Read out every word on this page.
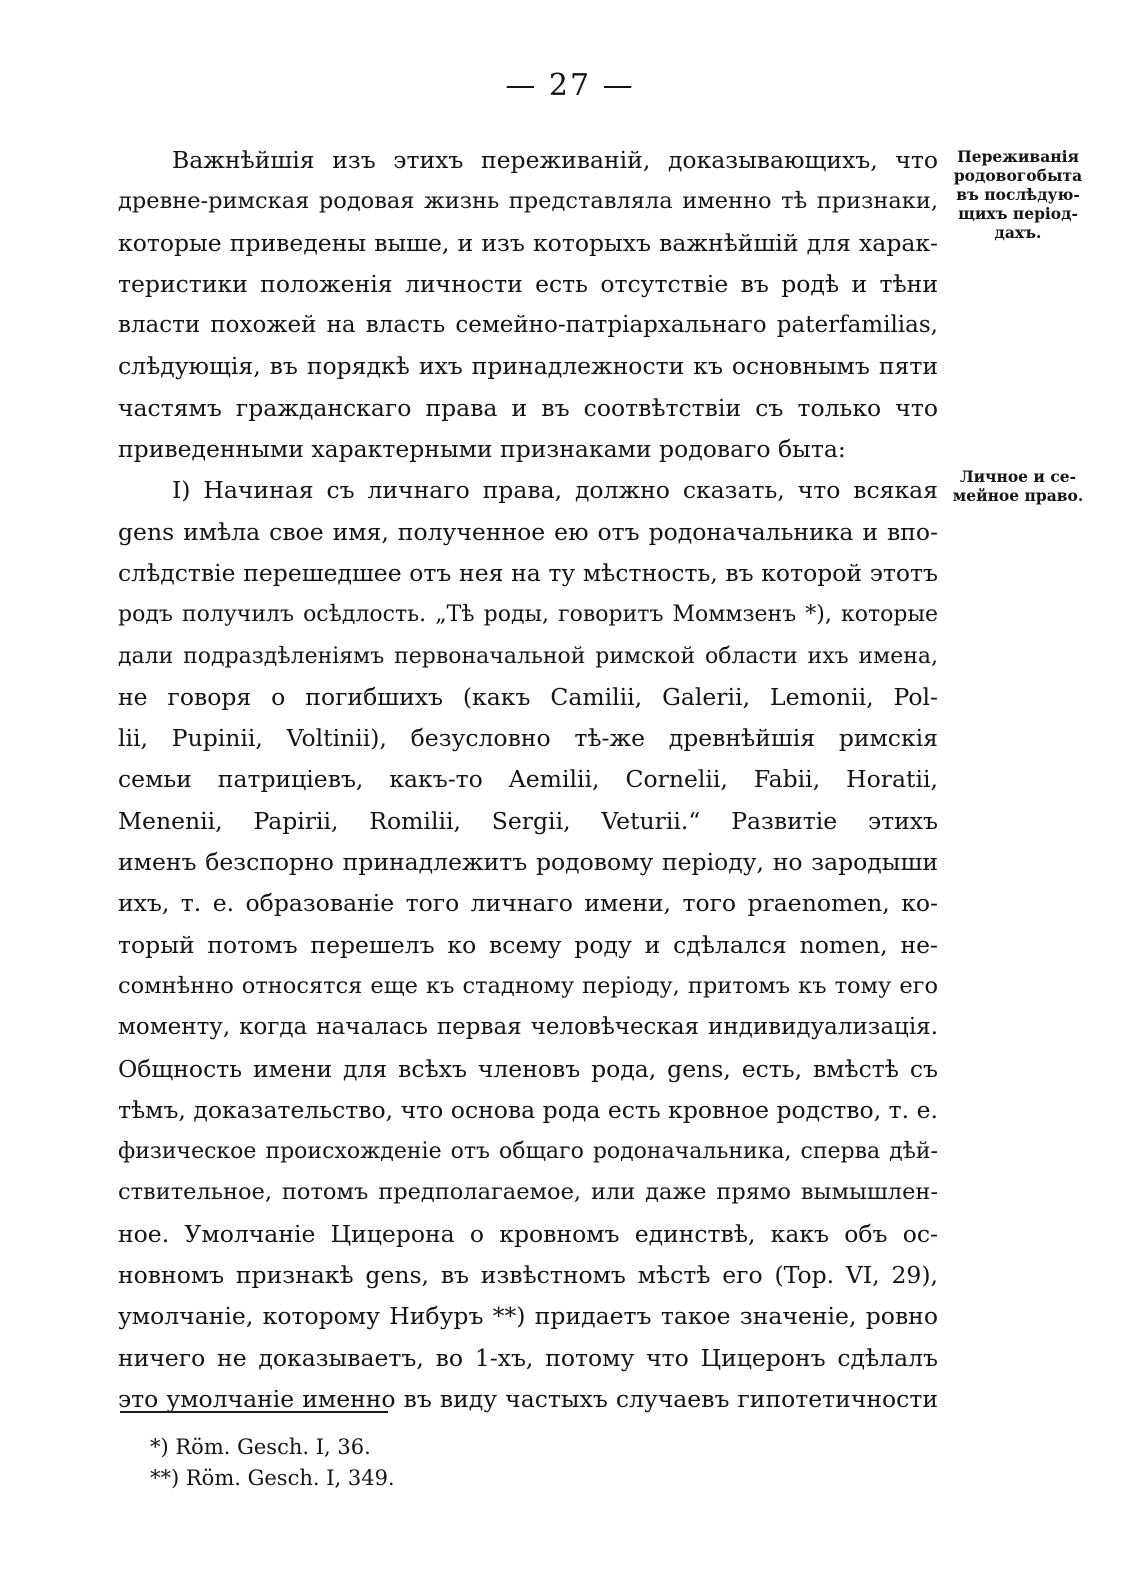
— 27 —
Важнѣйшія изъ этихъ переживаній, доказывающихъ, что
древне-римская родовая жизнь представляла именно тѣ признаки,
которые приведены выше, и изъ которыхъ важнѣйшій для харак-
теристики положенія личности есть отсутствіе въ родѣ и тѣни
власти похожей на власть семейно-патріархальнаго paterfamilias,
слѣдующія, въ порядкѣ ихъ принадлежности къ основнымъ пяти
частямъ гражданскаго права и въ соотвѣтствіи съ только что
приведенными характерными признаками родоваго быта:
I) Начиная съ личнаго права, должно сказать, что всякая
gens имѣла свое имя, полученное ею отъ родоначальника и впо-
слѣдствіе перешедшее отъ нея на ту мѣстность, въ которой этотъ
родъ получилъ осѣдлость. „Тѣ роды, говоритъ Моммзенъ *), которые
дали подраздѣленіямъ первоначальной римской области ихъ имена,
не говоря о погибшихъ (какъ Camilii, Galerii, Lemonii, Pol-
lii, Pupinii, Voltinii), безусловно тѣ-же древнѣйшія римскія
семьи патриціевъ, какъ-то Aemilii, Cornelii, Fabii, Horatii,
Menenii, Papirii, Romilii, Sergii, Veturii.“ Развитіе этихъ
именъ безспорно принадлежитъ родовому періоду, но зародыши
ихъ, т. е. образованіе того личнаго имени, того praenomen, ко-
торый потомъ перешелъ ко всему роду и сдѣлался nomen, не-
сомнѣнно относятся еще къ стадному періоду, притомъ къ тому его
моменту, когда началась первая человѣческая индивидуализація.
Общность имени для всѣхъ членовъ рода, gens, есть, вмѣстѣ съ
тѣмъ, доказательство, что основа рода есть кровное родство, т. е.
физическое происхожденіе отъ общаго родоначальника, сперва дѣй-
ствительное, потомъ предполагаемое, или даже прямо вымышлен-
ное. Умолчаніе Цицерона о кровномъ единствѣ, какъ объ ос-
новномъ признакѣ gens, въ извѣстномъ мѣстѣ его (Top. VI, 29),
умолчаніе, которому Нибуръ **) придаетъ такое значеніе, ровно
ничего не доказываетъ, во 1-хъ, потому что Цицеронъ сдѣлалъ
это умолчаніе именно въ виду частыхъ случаевъ гипотетичности
Переживанія
родовогобыта
въ послѣдую-
щихъ період-
дахъ.
Личное и се-
мейное право.
*) Röm. Gesch. I, 36.
**) Röm. Gesch. I, 349.
